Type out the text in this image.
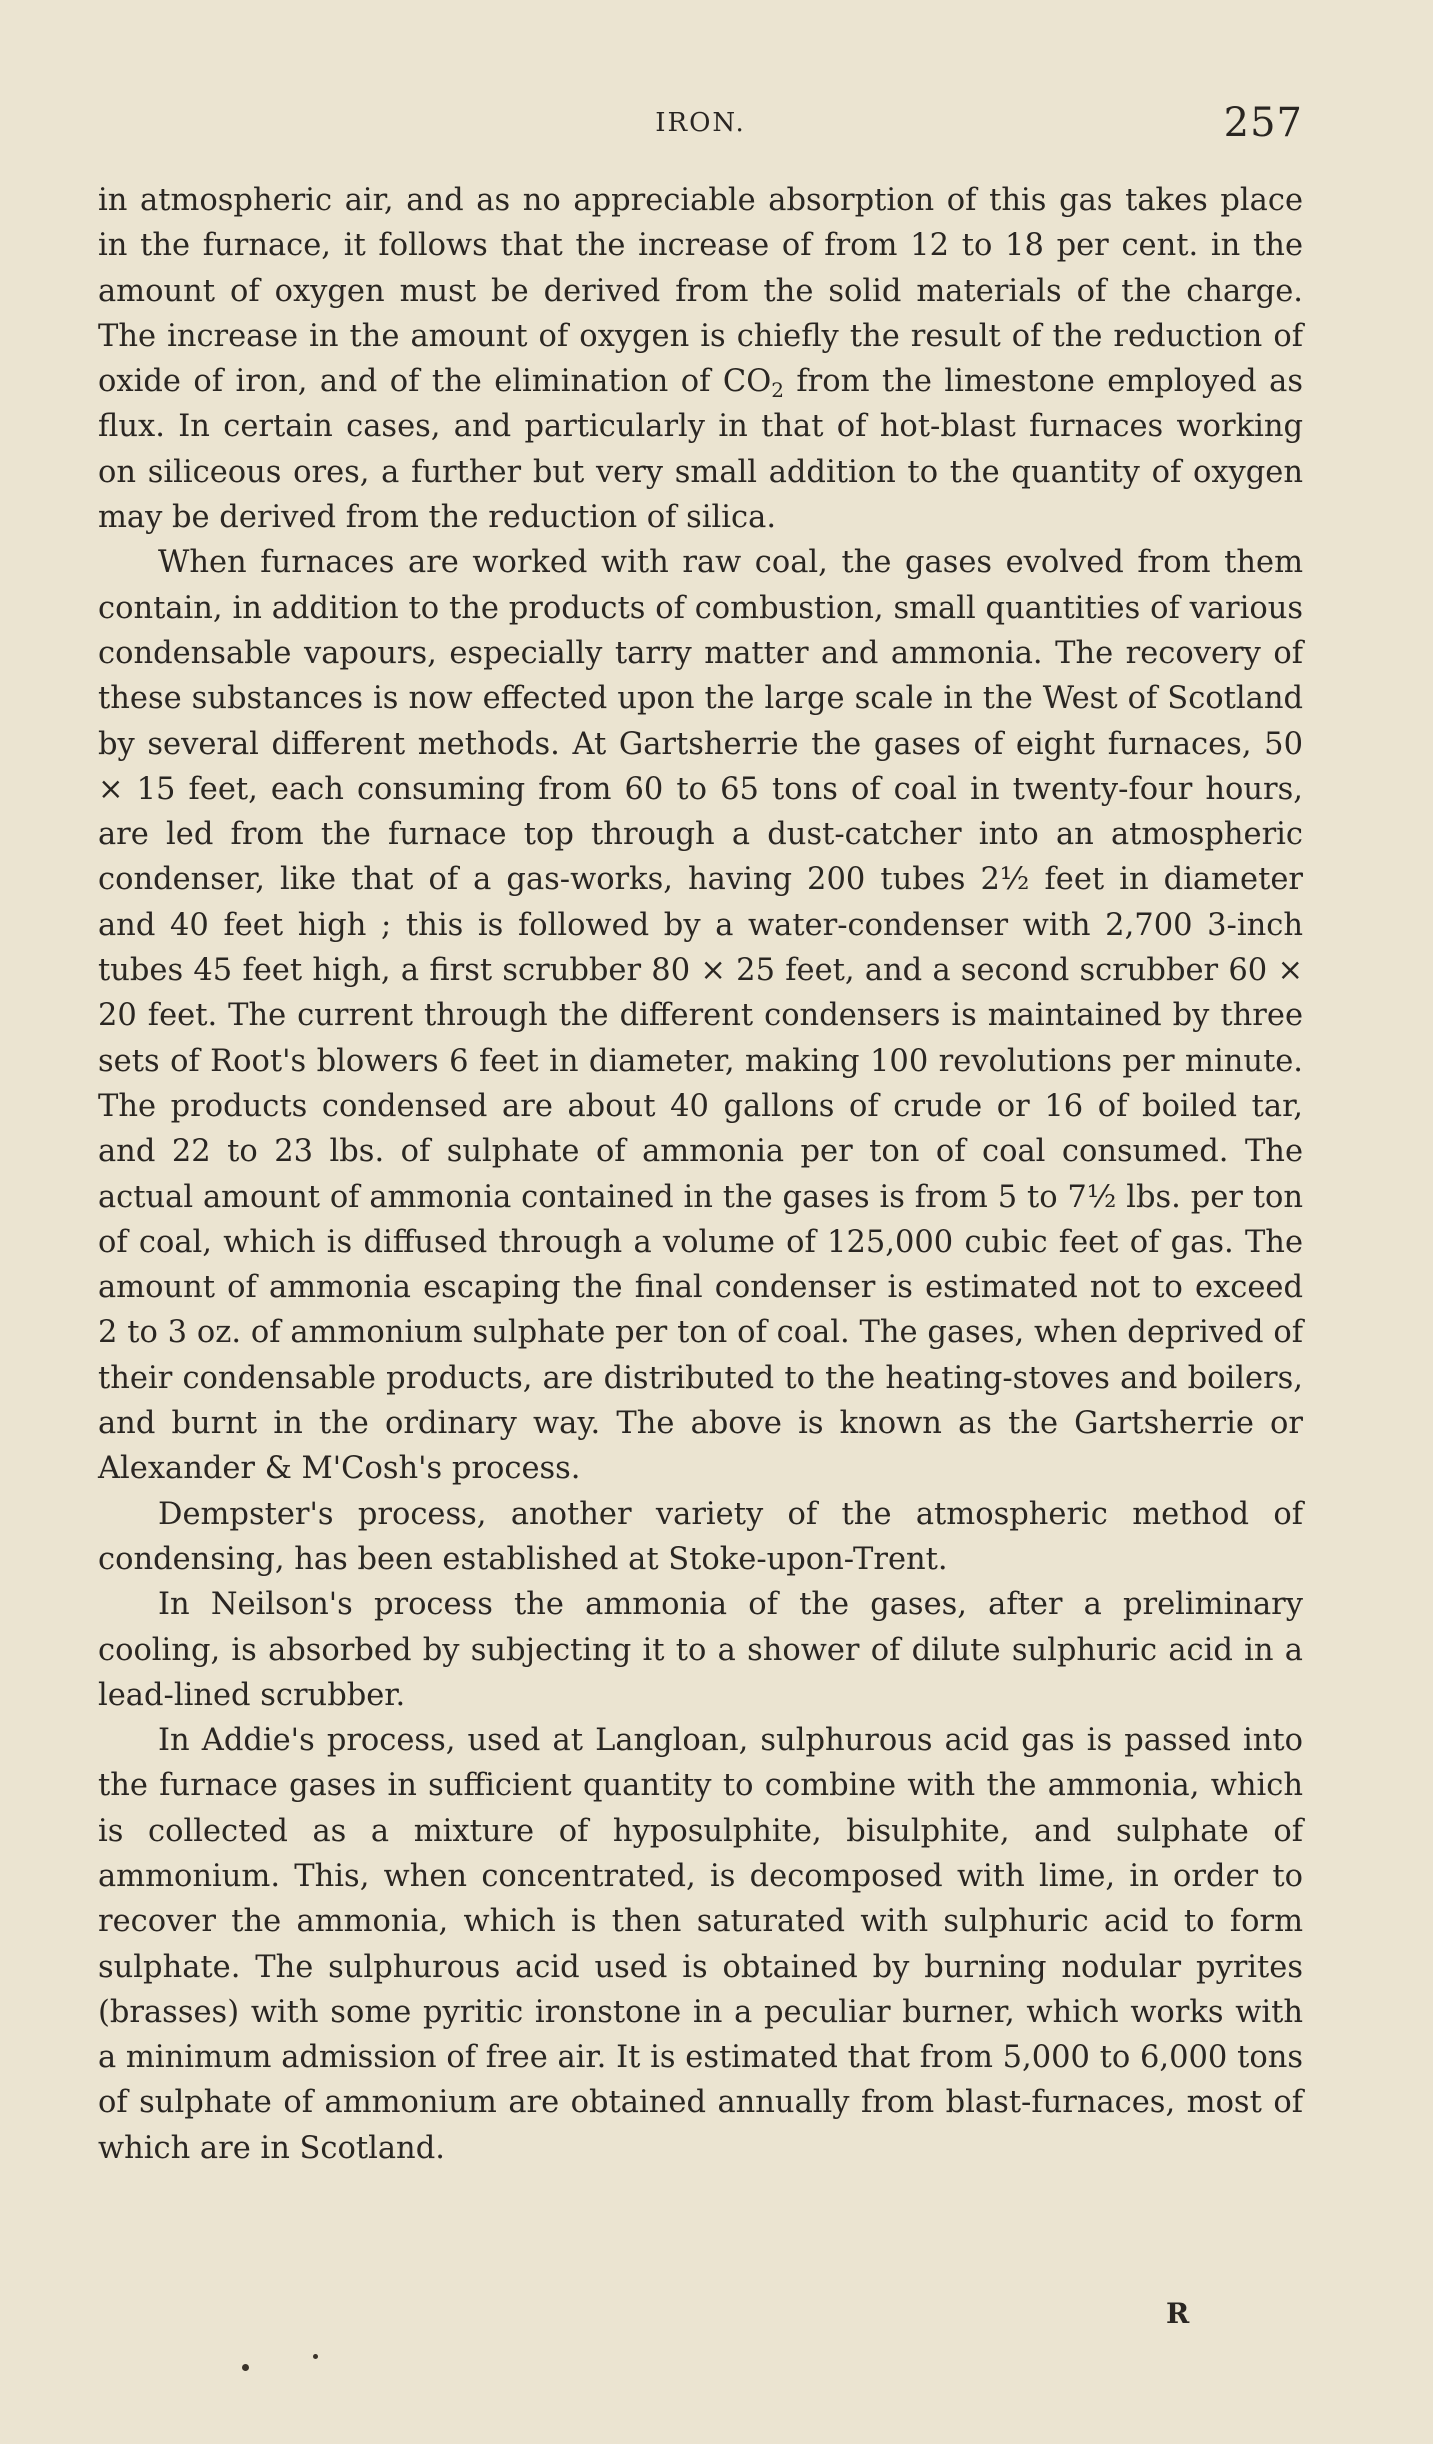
IRON.	257

in atmospheric air, and as no appreciable absorption of this gas takes place in the furnace, it follows that the increase of from 12 to 18 per cent. in the amount of oxygen must be derived from the solid materials of the charge. The increase in the amount of oxygen is chiefly the result of the reduction of oxide of iron, and of the elimination of $CO_2$ from the limestone employed as flux. In certain cases, and particularly in that of hot-blast furnaces working on siliceous ores, a further but very small addition to the quantity of oxygen may be derived from the reduction of silica.

When furnaces are worked with raw coal, the gases evolved from them contain, in addition to the products of combustion, small quantities of various condensable vapours, especially tarry matter and ammonia. The recovery of these substances is now effected upon the large scale in the West of Scotland by several different methods. At Gartsherrie the gases of eight furnaces, 50 × 15 feet, each consuming from 60 to 65 tons of coal in twenty-four hours, are led from the furnace top through a dust-catcher into an atmospheric condenser, like that of a gas-works, having 200 tubes 2½ feet in diameter and 40 feet high ; this is followed by a water-condenser with 2,700 3-inch tubes 45 feet high, a first scrubber 80 × 25 feet, and a second scrubber 60 × 20 feet. The current through the different condensers is maintained by three sets of Root's blowers 6 feet in diameter, making 100 revolutions per minute. The products condensed are about 40 gallons of crude or 16 of boiled tar, and 22 to 23 lbs. of sulphate of ammonia per ton of coal consumed. The actual amount of ammonia contained in the gases is from 5 to 7½ lbs. per ton of coal, which is diffused through a volume of 125,000 cubic feet of gas. The amount of ammonia escaping the final condenser is estimated not to exceed 2 to 3 oz. of ammonium sulphate per ton of coal. The gases, when deprived of their condensable products, are distributed to the heating-stoves and boilers, and burnt in the ordinary way. The above is known as the Gartsherrie or Alexander & M'Cosh's process.

Dempster's process, another variety of the atmospheric method of condensing, has been established at Stoke-upon-Trent.

In Neilson's process the ammonia of the gases, after a preliminary cooling, is absorbed by subjecting it to a shower of dilute sulphuric acid in a lead-lined scrubber.

In Addie's process, used at Langloan, sulphurous acid gas is passed into the furnace gases in sufficient quantity to combine with the ammonia, which is collected as a mixture of hyposulphite, bisulphite, and sulphate of ammonium. This, when concentrated, is decomposed with lime, in order to recover the ammonia, which is then saturated with sulphuric acid to form sulphate. The sulphurous acid used is obtained by burning nodular pyrites (brasses) with some pyritic ironstone in a peculiar burner, which works with a minimum admission of free air. It is estimated that from 5,000 to 6,000 tons of sulphate of ammonium are obtained annually from blast-furnaces, most of which are in Scotland.

R
